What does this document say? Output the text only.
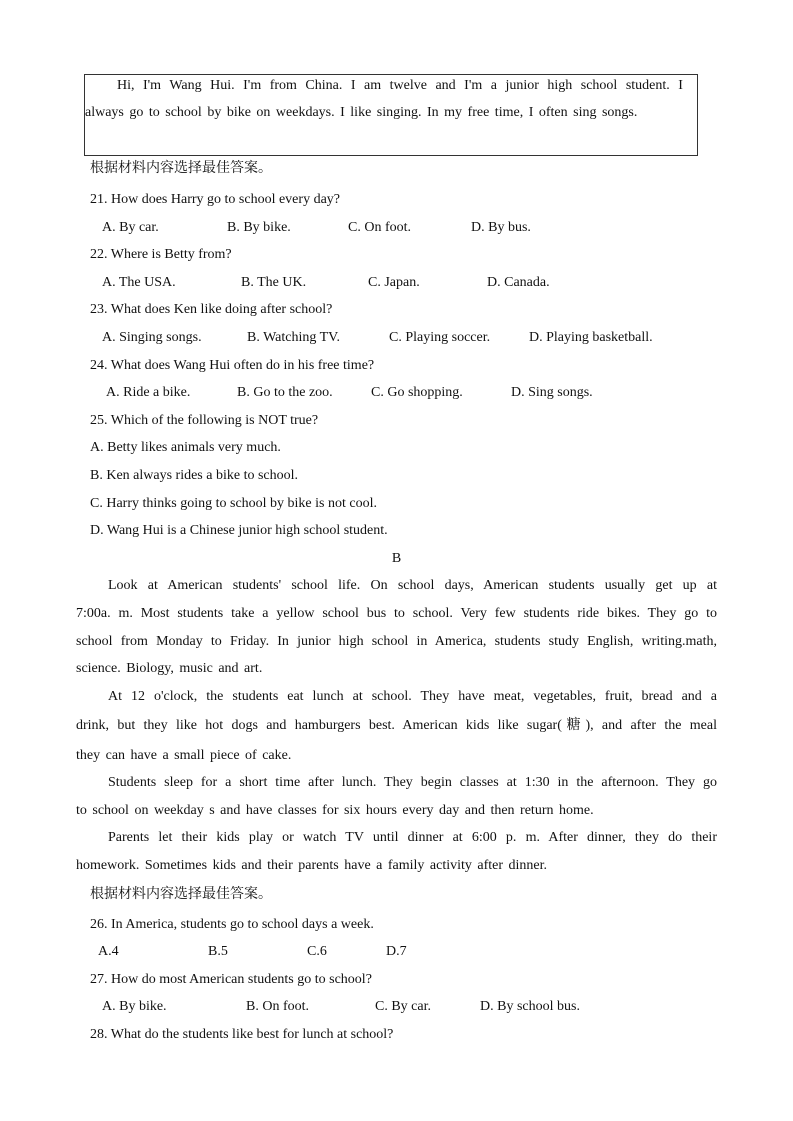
Hi, I'm Wang Hui. I'm from China. I am twelve and I'm a junior high school student. I

always go to school by bike on weekdays. I like singing. In my free time, I often sing songs.

根据材料内容选择最佳答案。
21. How does Harry go to school every day?
A. By car.	B. By bike.	C. On foot.	D. By bus.
22. Where is Betty from?
A. The USA.	B. The UK.	C. Japan.	D. Canada.
23. What does Ken like doing after school?
A. Singing songs.	B. Watching TV.	C. Playing soccer.	D. Playing basketball.
24. What does Wang Hui often do in his free time?
A. Ride a bike.	B. Go to the zoo.	C. Go shopping.	D. Sing songs.
25. Which of the following is NOT true?
A. Betty likes animals very much.
B. Ken always rides a bike to school.
C. Harry thinks going to school by bike is not cool.
D. Wang Hui is a Chinese junior high school student.
B
Look at American students' school life. On school days, American students usually get up at
7:00a. m. Most students take a yellow school bus to school. Very few students ride bikes. They go to
school from Monday to Friday. In junior high school in America, students study English, writing.math,
science. Biology, music and art.
At 12 o'clock, the students eat lunch at school. They have meat, vegetables, fruit, bread and a
drink, but they like hot dogs and hamburgers best. American kids like sugar(糖), and after the meal
they can have a small piece of cake.
Students sleep for a short time after lunch. They begin classes at 1:30 in the afternoon. They go
to school on weekday s and have classes for six hours every day and then return home.
Parents let their kids play or watch TV until dinner at 6:00 p. m. After dinner, they do their
homework. Sometimes kids and their parents have a family activity after dinner.
根据材料内容选择最佳答案。
26. In America, students go to school days a week.
A.4	B.5	C.6	D.7
27. How do most American students go to school?
A. By bike.	B. On foot.	C. By car.	D. By school bus.
28. What do the students like best for lunch at school?
